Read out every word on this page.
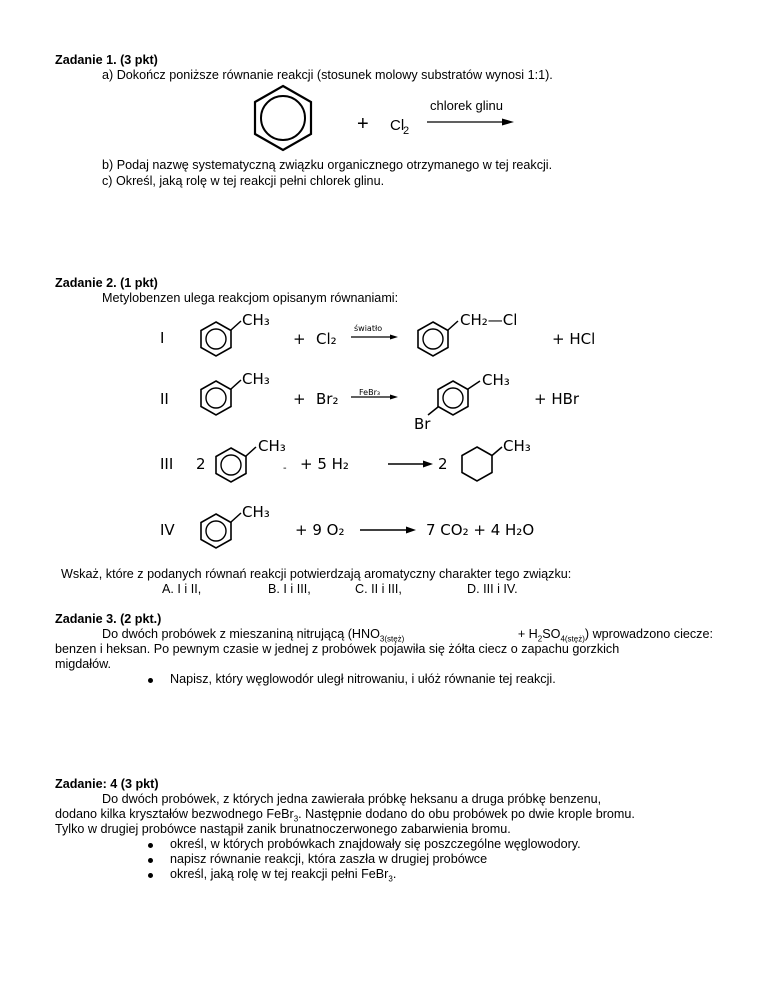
Zadanie 1. (3 pkt)
a) Dokończ poniższe równanie reakcji (stosunek molowy substratów wynosi 1:1).
+ Cl
2
chlorek glinu
b) Podaj nazwę systematyczną związku organicznego otrzymanego w tej reakcji.
c) Określ, jaką rolę w tej reakcji pełni chlorek glinu.
Zadanie 2. (1 pkt)
Metylobenzen ulega reakcjom opisanym równaniami:
I
CH₃
+ Cl₂
światło	CH₂—Cl
+ HCl
II
CH₃
+ Br₂	FeBr₃
CH₃
Br
+ HBr
III 2
CH₃
- + 5 H₂	2
CH₃
IV
CH₃
+ 9 O₂	7 CO₂ + 4 H₂O
Wskaż, które z podanych równań reakcji potwierdzają aromatyczny charakter tego związku:
A. I i II,	B. I i III,	C. II i III,	D. III i IV.
Zadanie 3. (2 pkt.)
Do dwóch probówek z mieszaniną nitrującą ($HNO_{3(stęż)}$	+ $H_2SO_{4(stęż)}$) wprowadzono ciecze:
benzen i heksan. Po pewnym czasie w jednej z probówek pojawiła się żółta ciecz o zapachu gorzkich
migdałów.
Napisz, który węglowodór uległ nitrowaniu, i ułóż równanie tej reakcji.
Zadanie: 4 (3 pkt)
Do dwóch probówek, z których jedna zawierała próbkę heksanu a druga próbkę benzenu,
dodano kilka kryształów bezwodnego FeBr$_3$. Następnie dodano do obu probówek po dwie krople bromu.
Tylko w drugiej probówce nastąpił zanik brunatnoczerwonego zabarwienia bromu.
określ, w których probówkach znajdowały się poszczególne węglowodory.
napisz równanie reakcji, która zaszła w drugiej probówce
określ, jaką rolę w tej reakcji pełni FeBr$_3$.
